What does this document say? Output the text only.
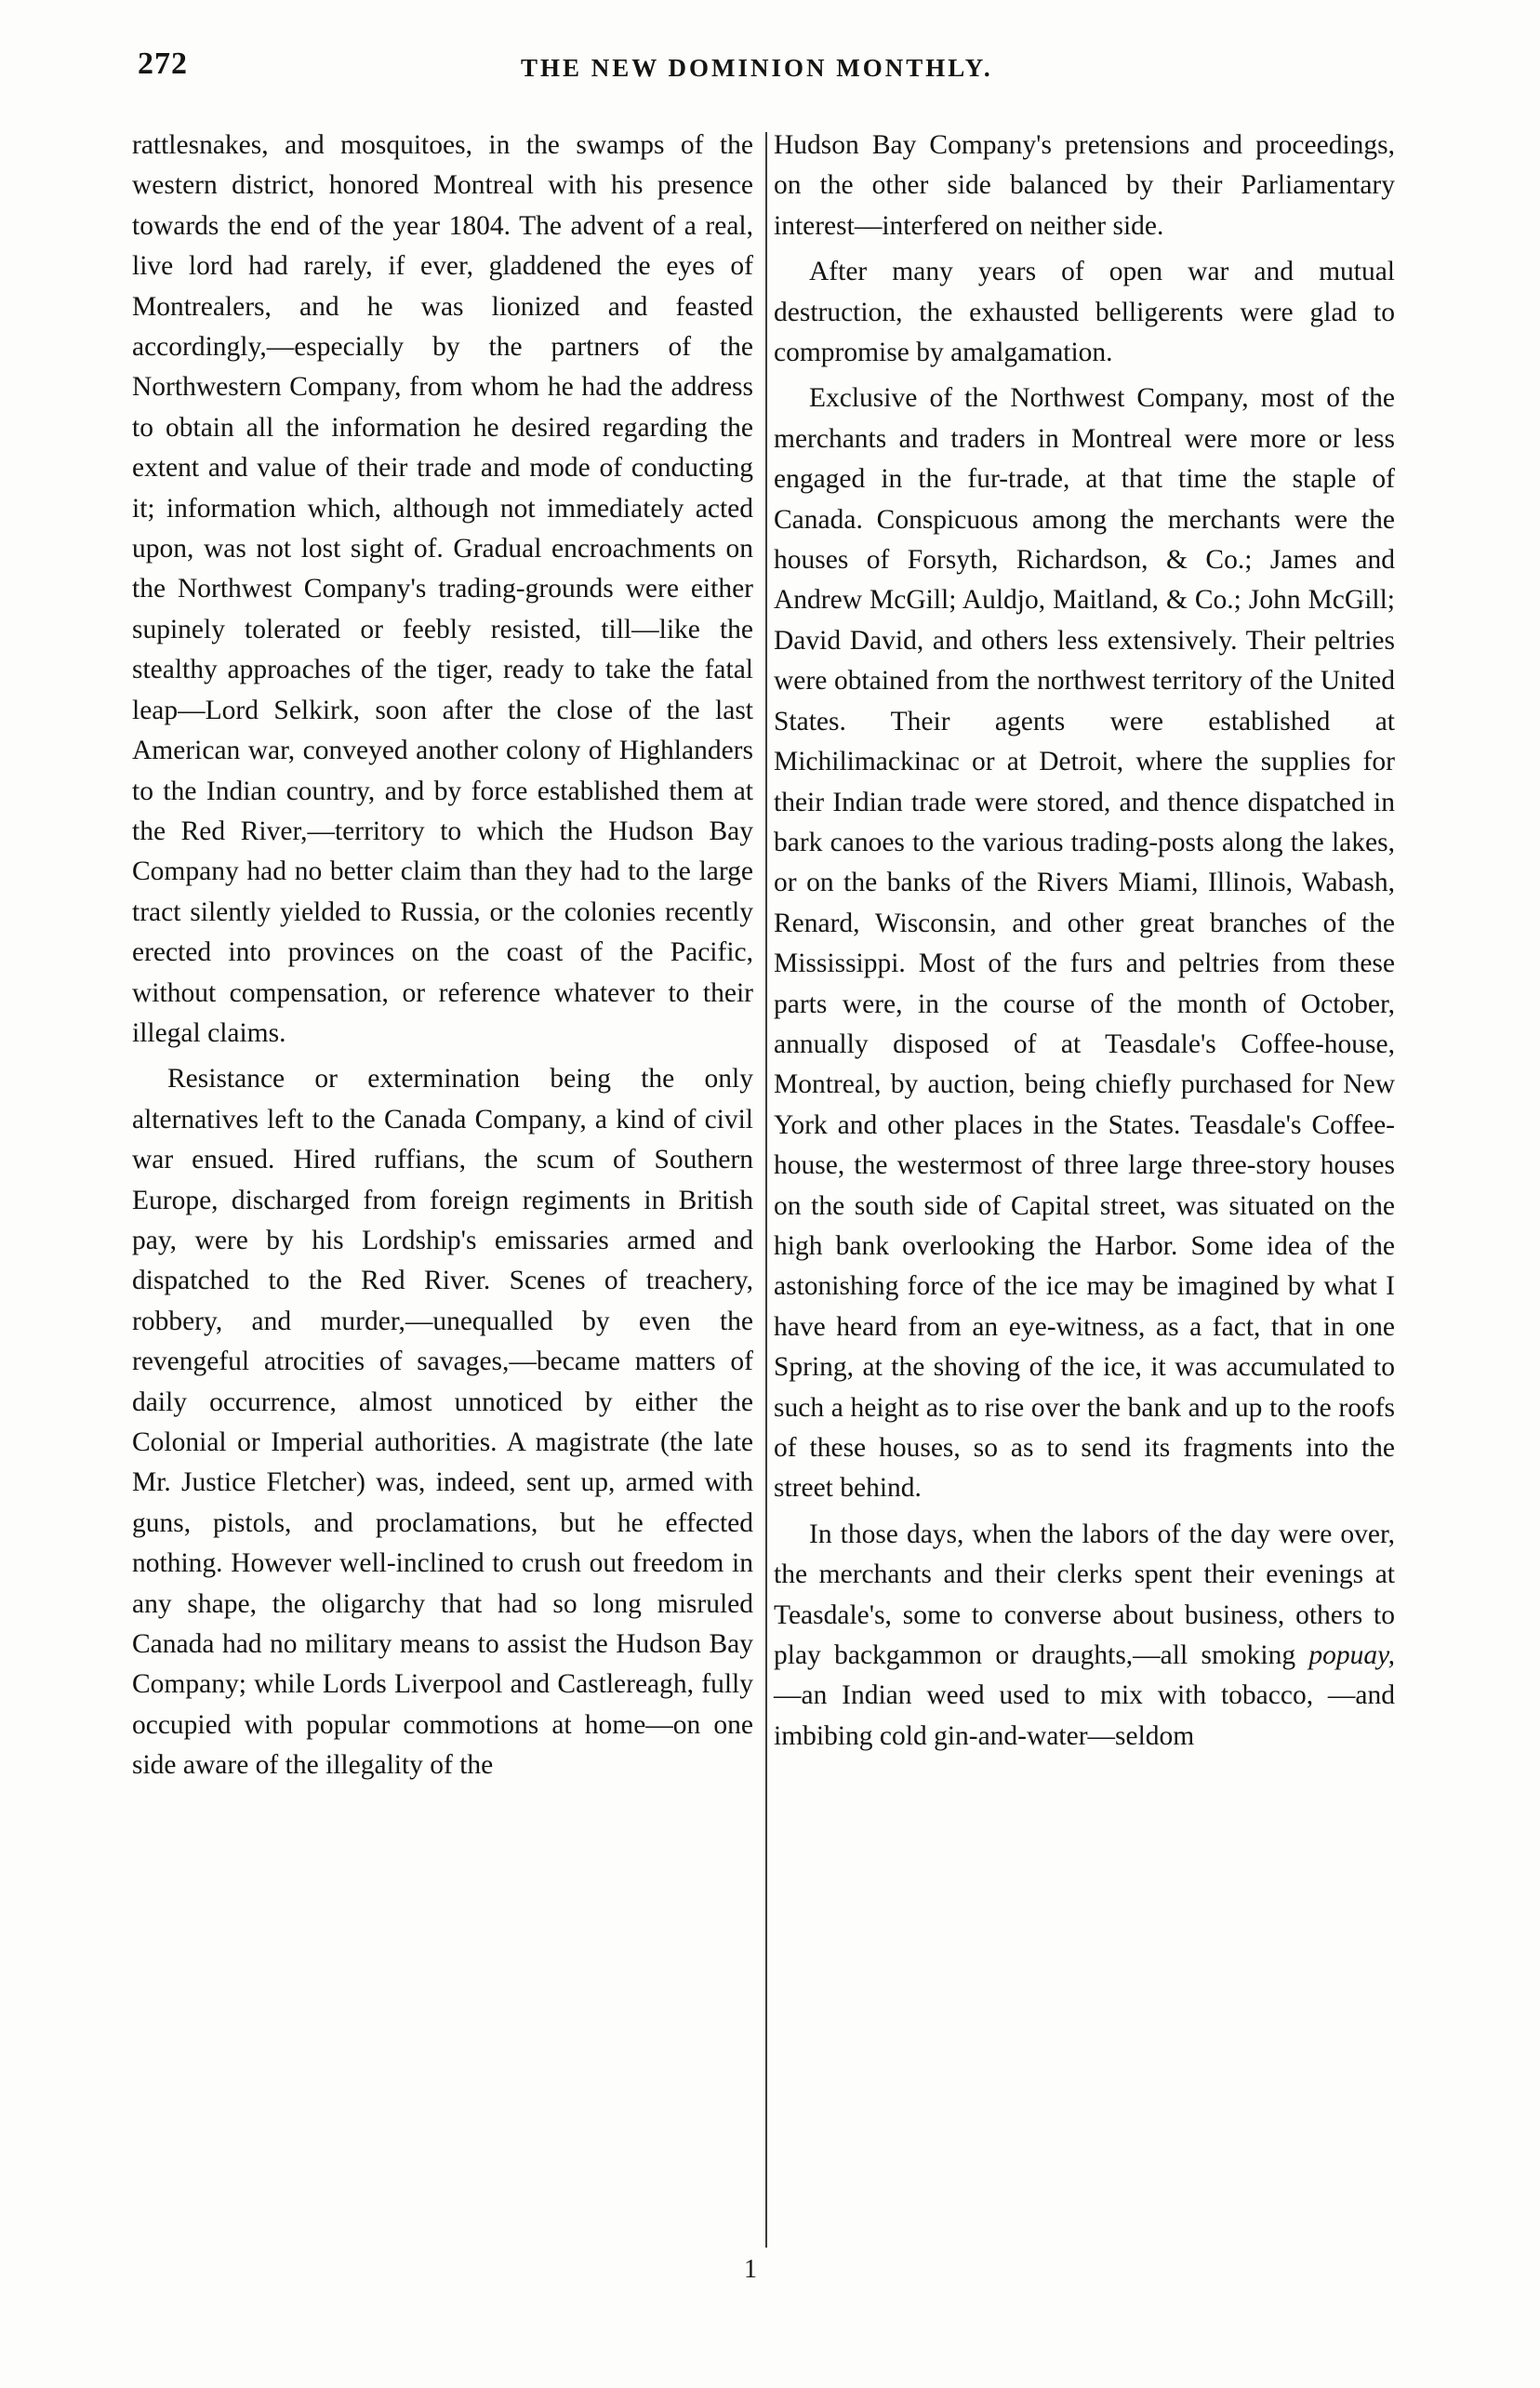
272	THE NEW DOMINION MONTHLY.

rattlesnakes, and mosquitoes, in the swamps of the western district, honored Montreal with his presence towards the end of the year 1804. The advent of a real, live lord had rarely, if ever, gladdened the eyes of Montrealers, and he was lionized and feasted accordingly,—especially by the partners of the Northwestern Company, from whom he had the address to obtain all the information he desired regarding the extent and value of their trade and mode of conducting it; information which, although not immediately acted upon, was not lost sight of. Gradual encroachments on the Northwest Company's trading-grounds were either supinely tolerated or feebly resisted, till—like the stealthy approaches of the tiger, ready to take the fatal leap—Lord Selkirk, soon after the close of the last American war, conveyed another colony of Highlanders to the Indian country, and by force established them at the Red River,—territory to which the Hudson Bay Company had no better claim than they had to the large tract silently yielded to Russia, or the colonies recently erected into provinces on the coast of the Pacific, without compensation, or reference whatever to their illegal claims.

Resistance or extermination being the only alternatives left to the Canada Company, a kind of civil war ensued. Hired ruffians, the scum of Southern Europe, discharged from foreign regiments in British pay, were by his Lordship's emissaries armed and dispatched to the Red River. Scenes of treachery, robbery, and murder,—unequalled by even the revengeful atrocities of savages,—became matters of daily occurrence, almost unnoticed by either the Colonial or Imperial authorities. A magistrate (the late Mr. Justice Fletcher) was, indeed, sent up, armed with guns, pistols, and proclamations, but he effected nothing. However well-inclined to crush out freedom in any shape, the oligarchy that had so long misruled Canada had no military means to assist the Hudson Bay Company; while Lords Liverpool and Castlereagh, fully occupied with popular commotions at home—on one side aware of the illegality of the

Hudson Bay Company's pretensions and proceedings, on the other side balanced by their Parliamentary interest—interfered on neither side.

After many years of open war and mutual destruction, the exhausted belligerents were glad to compromise by amalgamation.

Exclusive of the Northwest Company, most of the merchants and traders in Montreal were more or less engaged in the fur-trade, at that time the staple of Canada. Conspicuous among the merchants were the houses of Forsyth, Richardson, & Co.; James and Andrew McGill; Auldjo, Maitland, & Co.; John McGill; David David, and others less extensively. Their peltries were obtained from the northwest territory of the United States. Their agents were established at Michilimackinac or at Detroit, where the supplies for their Indian trade were stored, and thence dispatched in bark canoes to the various trading-posts along the lakes, or on the banks of the Rivers Miami, Illinois, Wabash, Renard, Wisconsin, and other great branches of the Mississippi. Most of the furs and peltries from these parts were, in the course of the month of October, annually disposed of at Teasdale's Coffee-house, Montreal, by auction, being chiefly purchased for New York and other places in the States. Teasdale's Coffee-house, the westermost of three large three-story houses on the south side of Capital street, was situated on the high bank overlooking the Harbor. Some idea of the astonishing force of the ice may be imagined by what I have heard from an eye-witness, as a fact, that in one Spring, at the shoving of the ice, it was accumulated to such a height as to rise over the bank and up to the roofs of these houses, so as to send its fragments into the street behind.

In those days, when the labors of the day were over, the merchants and their clerks spent their evenings at Teasdale's, some to converse about business, others to play backgammon or draughts,—all smoking popuay, —an Indian weed used to mix with tobacco, —and imbibing cold gin-and-water—seldom

1
